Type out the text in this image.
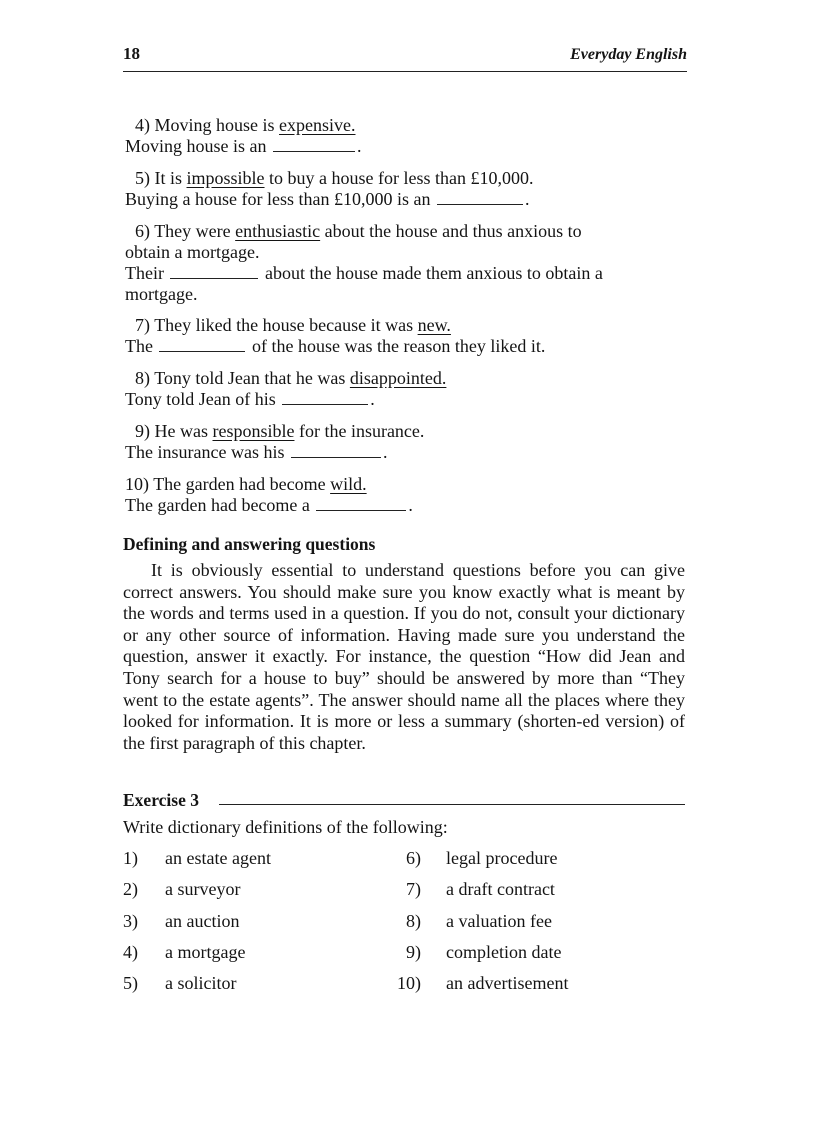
18	Everyday English
4) Moving house is expensive.
Moving house is an	.
5) It is impossible to buy a house for less than £10,000.
Buying a house for less than £10,000 is an	.
6) They were enthusiastic about the house and thus anxious to
obtain a mortgage.
Their	about the house made them anxious to obtain a
mortgage.
7) They liked the house because it was new.
The	of the house was the reason they liked it.
8) Tony told Jean that he was disappointed.
Tony told Jean of his	.
9) He was responsible for the insurance.
The insurance was his	.
10) The garden had become wild.
The garden had become a	.
Defining and answering questions

It is obviously essential to understand questions before you can give correct answers. You should make sure you know exactly what is meant by the words and terms used in a question. If you do not, consult your dictionary or any other source of information. Having made sure you understand the question, answer it exactly. For instance, the question “How did Jean and Tony search for a house to buy” should be answered by more than “They went to the estate agents”. The answer should name all the places where they looked for information. It is more or less a summary (shorten-ed version) of the first paragraph of this chapter.

Exercise 3
Write dictionary definitions of the following:
1) an estate agent	6) legal procedure
2) a surveyor	7) a draft contract
3) an auction	8) a valuation fee
4) a mortgage	9) completion date
5) a solicitor	10) an advertisement
